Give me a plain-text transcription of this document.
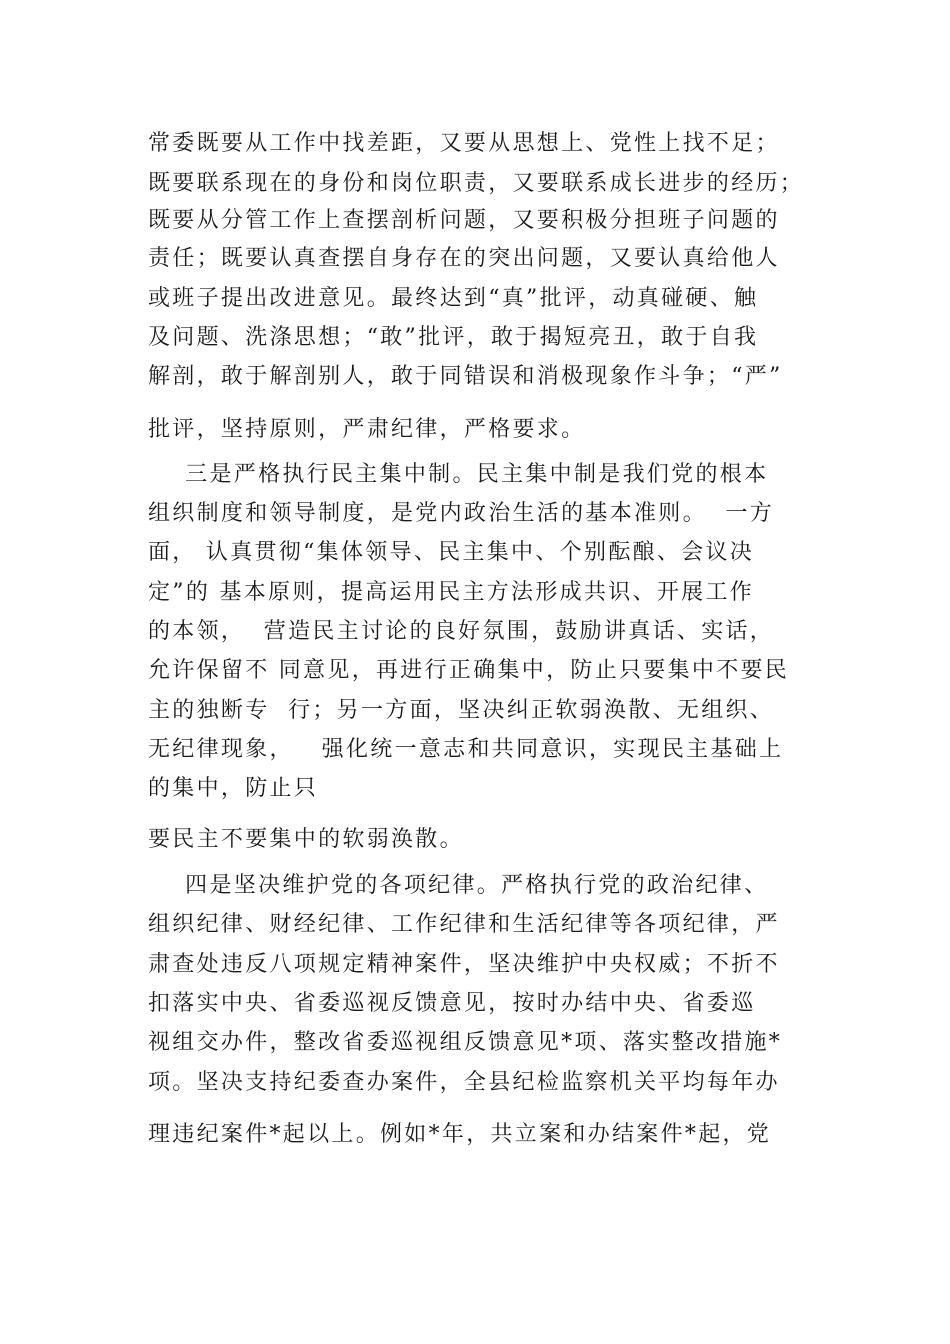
常委既要从工作中找差距，又要从思想上、党性上找不足；
既要联系现在的身份和岗位职责，又要联系成长进步的经历；
既要从分管工作上查摆剖析问题，又要积极分担班子问题的
责任；既要认真查摆自身存在的突出问题，又要认真给他人
或班子提出改进意见。最终达到“真”批评，动真碰硬、触
及问题、洗涤思想；“敢”批评，敢于揭短亮丑，敢于自我
解剖，敢于解剖别人，敢于同错误和消极现象作斗争；“严”
批评，坚持原则，严肃纪律，严格要求。
三是严格执行民主集中制。民主集中制是我们党的根本
组织制度和领导制度，是党内政治生活的基本准则。  一方
面， 认真贯彻“集体领导、民主集中、个别酝酿、会议决
定”的 基本原则，提高运用民主方法形成共识、开展工作
的本领，  营造民主讨论的良好氛围，鼓励讲真话、实话，
允许保留不 同意见，再进行正确集中，防止只要集中不要民
主的独断专  行；另一方面，坚决纠正软弱涣散、无组织、
无纪律现象，   强化统一意志和共同意识，实现民主基础上
的集中，防止只
要民主不要集中的软弱涣散。
四是坚决维护党的各项纪律。严格执行党的政治纪律、
组织纪律、财经纪律、工作纪律和生活纪律等各项纪律，严
肃查处违反八项规定精神案件，坚决维护中央权威；不折不
扣落实中央、省委巡视反馈意见，按时办结中央、省委巡
视组交办件，整改省委巡视组反馈意见*项、落实整改措施*
项。坚决支持纪委查办案件，全县纪检监察机关平均每年办
理违纪案件*起以上。例如*年，共立案和办结案件*起，党
